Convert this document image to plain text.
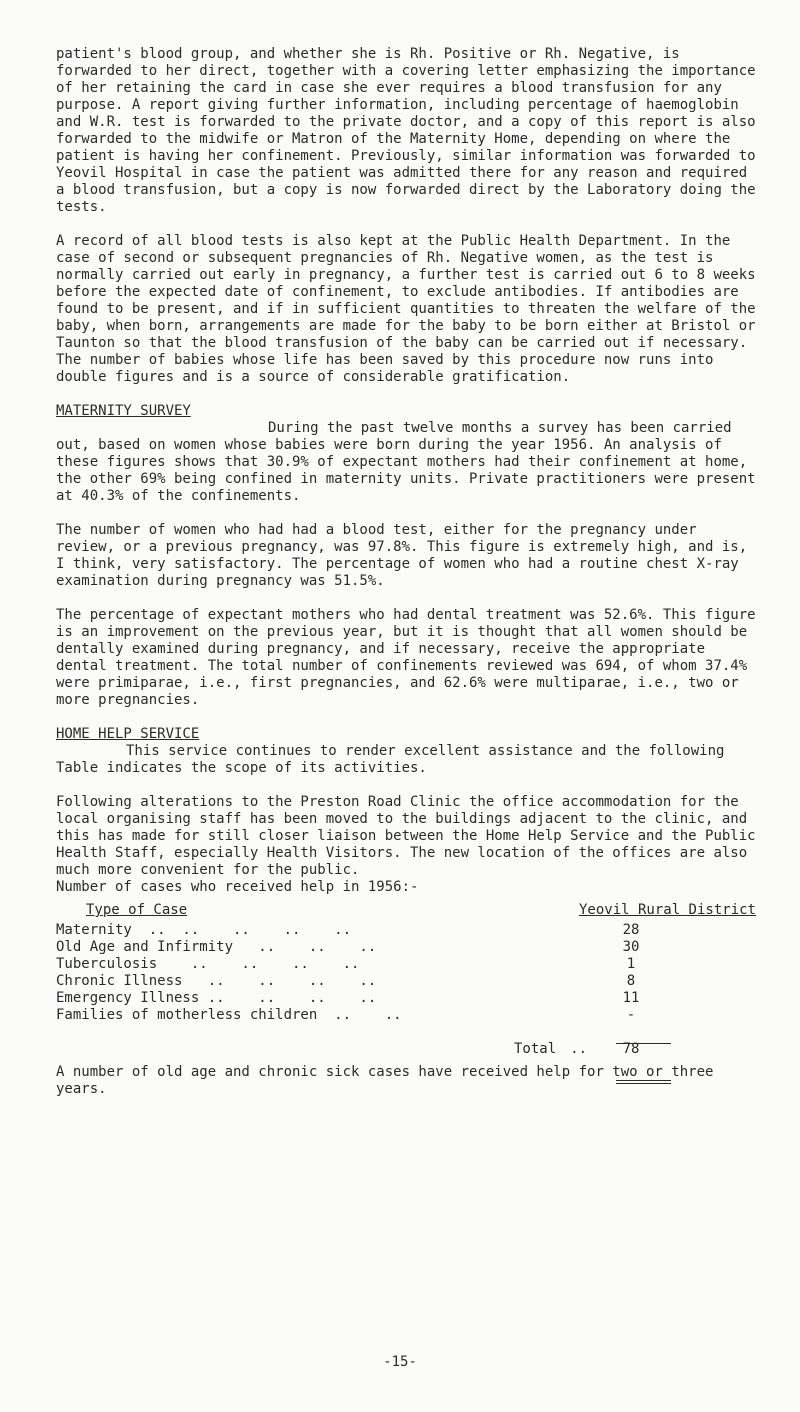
patient's blood group, and whether she is Rh. Positive or Rh. Negative, is forwarded to her direct, together with a covering letter emphasizing the importance of her retaining the card in case she ever requires a blood transfusion for any purpose. A report giving further information, including percentage of haemoglobin and W.R. test is forwarded to the private doctor, and a copy of this report is also forwarded to the midwife or Matron of the Maternity Home, depending on where the patient is having her confinement. Previously, similar information was forwarded to Yeovil Hospital in case the patient was admitted there for any reason and required a blood transfusion, but a copy is now forwarded direct by the Laboratory doing the tests.

A record of all blood tests is also kept at the Public Health Department. In the case of second or subsequent pregnancies of Rh. Negative women, as the test is normally carried out early in pregnancy, a further test is carried out 6 to 8 weeks before the expected date of confinement, to exclude antibodies. If antibodies are found to be present, and if in sufficient quantities to threaten the welfare of the baby, when born, arrangements are made for the baby to be born either at Bristol or Taunton so that the blood transfusion of the baby can be carried out if necessary. The number of babies whose life has been saved by this procedure now runs into double figures and is a source of considerable gratification.

MATERNITY SURVEY

During the past twelve months a survey has been carried out, based on women whose babies were born during the year 1956. An analysis of these figures shows that 30.9% of expectant mothers had their confinement at home, the other 69% being confined in maternity units. Private practitioners were present at 40.3% of the confinements.

The number of women who had had a blood test, either for the pregnancy under review, or a previous pregnancy, was 97.8%. This figure is extremely high, and is, I think, very satisfactory. The percentage of women who had a routine chest X-ray examination during pregnancy was 51.5%.

The percentage of expectant mothers who had dental treatment was 52.6%. This figure is an improvement on the previous year, but it is thought that all women should be dentally examined during pregnancy, and if necessary, receive the appropriate dental treatment. The total number of confinements reviewed was 694, of whom 37.4% were primiparae, i.e., first pregnancies, and 62.6% were multiparae, i.e., two or more pregnancies.

HOME HELP SERVICE

This service continues to render excellent assistance and the following Table indicates the scope of its activities.

Following alterations to the Preston Road Clinic the office accommodation for the local organising staff has been moved to the buildings adjacent to the clinic, and this has made for still closer liaison between the Home Help Service and the Public Health Staff, especially Health Visitors. The new location of the offices are also much more convenient for the public.

Number of cases who received help in 1956:-

Type of Case	Yeovil Rural District
Maternity  ..  ..    ..    ..    ..	28
Old Age and Infirmity   ..    ..    ..	30
Tuberculosis    ..    ..    ..    ..	1
Chronic Illness   ..    ..    ..    ..	8
Emergency Illness ..    ..    ..    ..	11
Families of motherless children  ..    ..	-
Total ..	78

A number of old age and chronic sick cases have received help for two or three years.

-15-
